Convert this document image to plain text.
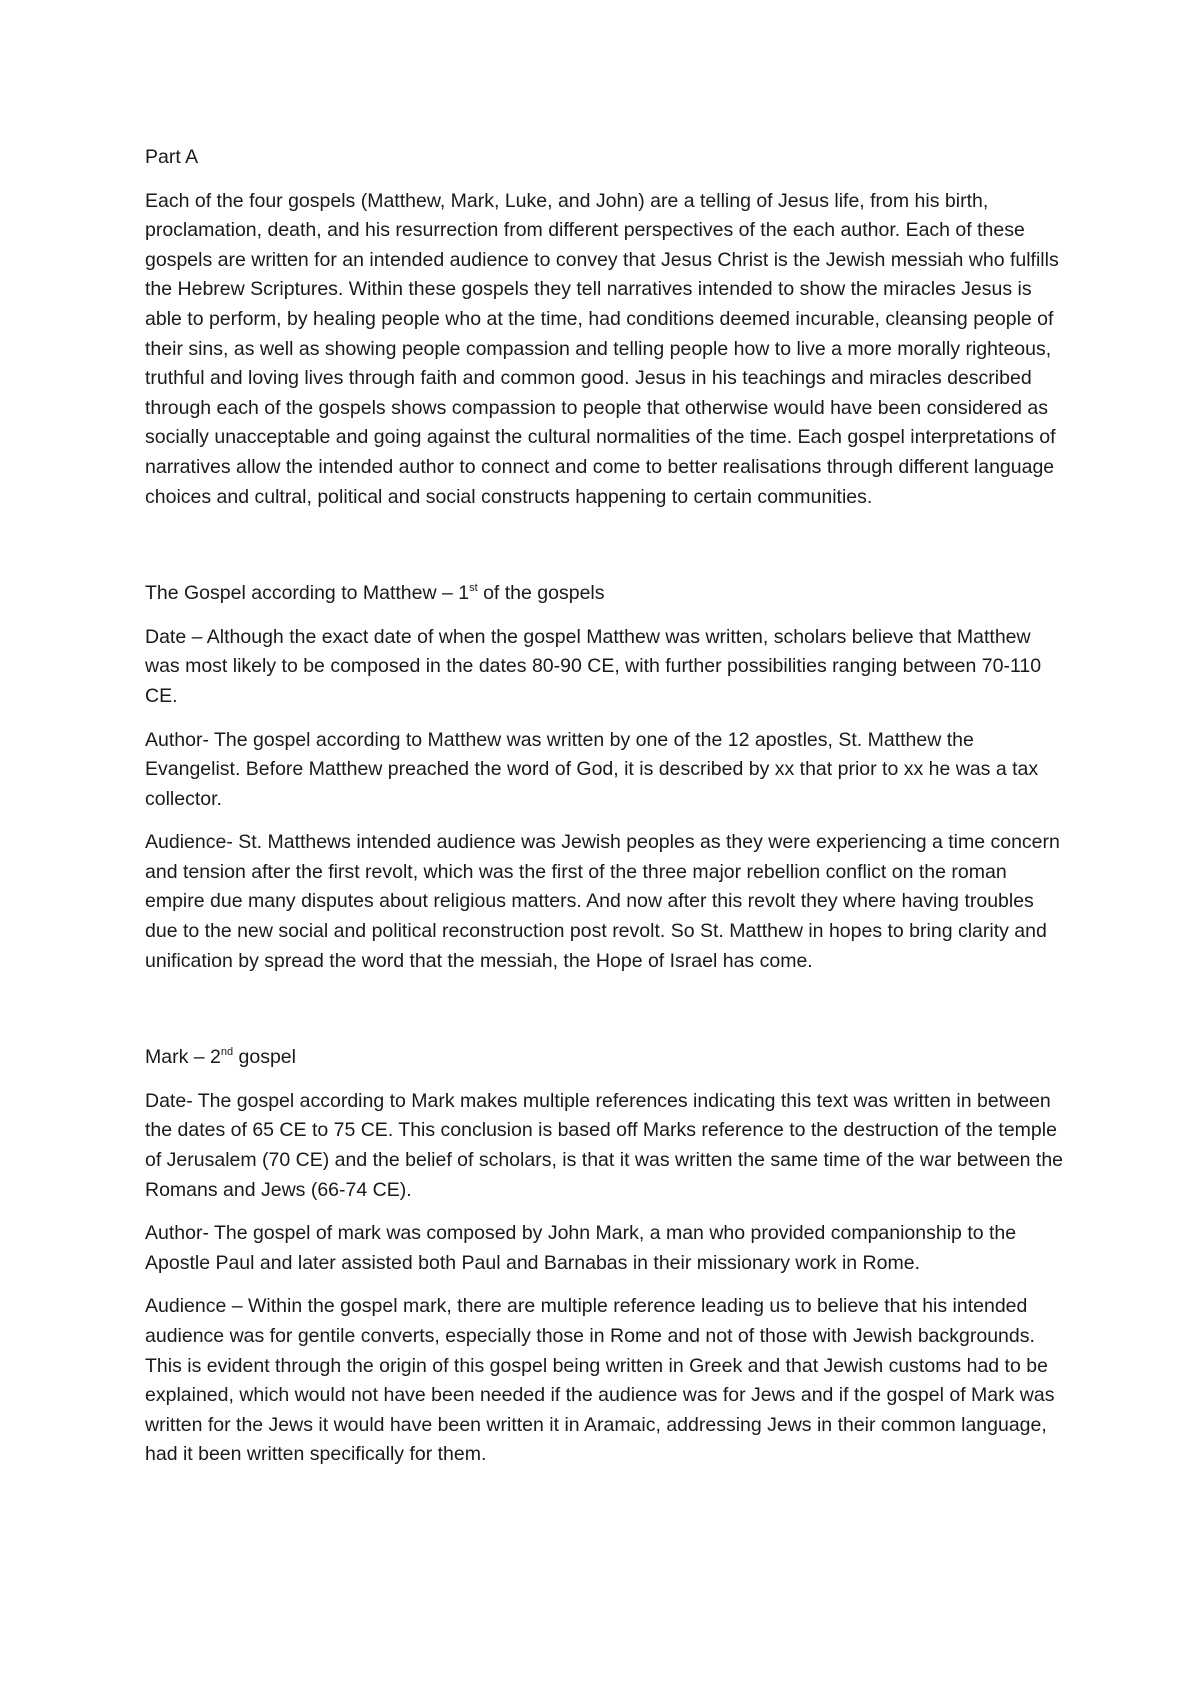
Part A

Each of the four gospels (Matthew, Mark, Luke, and John) are a telling of Jesus life, from his birth, proclamation, death, and his resurrection from different perspectives of the each author. Each of these gospels are written for an intended audience to convey that Jesus Christ is the Jewish messiah who fulfills the Hebrew Scriptures. Within these gospels they tell narratives intended to show the miracles Jesus is able to perform, by healing people who at the time, had conditions deemed incurable, cleansing people of their sins, as well as showing people compassion and telling people how to live a more morally righteous, truthful and loving lives through faith and common good. Jesus in his teachings and miracles described through each of the gospels shows compassion to people that otherwise would have been considered as socially unacceptable and going against the cultural normalities of the time. Each gospel interpretations of narratives allow the intended author to connect and come to better realisations through different language choices and cultral, political and social constructs happening to certain communities.

The Gospel according to Matthew – 1st of the gospels

Date – Although the exact date of when the gospel Matthew was written, scholars believe that Matthew was most likely to be composed in the dates 80-90 CE, with further possibilities ranging between 70-110 CE.

Author- The gospel according to Matthew was written by one of the 12 apostles, St. Matthew the Evangelist. Before Matthew preached the word of God, it is described by xx that prior to xx he was a tax collector.

Audience- St. Matthews intended audience was Jewish peoples as they were experiencing a time concern and tension after the first revolt, which was the first of the three major rebellion conflict on the roman empire due many disputes about religious matters. And now after this revolt they where having troubles due to the new social and political reconstruction post revolt. So St. Matthew in hopes to bring clarity and unification by spread the word that the messiah, the Hope of Israel has come.

Mark – 2nd gospel

Date- The gospel according to Mark makes multiple references indicating this text was written in between the dates of 65 CE to 75 CE. This conclusion is based off Marks reference to the destruction of the temple of Jerusalem (70 CE) and the belief of scholars, is that it was written the same time of the war between the Romans and Jews (66-74 CE).

Author- The gospel of mark was composed by John Mark, a man who provided companionship to the Apostle Paul and later assisted both Paul and Barnabas in their missionary work in Rome.

Audience – Within the gospel mark, there are multiple reference leading us to believe that his intended audience was for gentile converts, especially those in Rome and not of those with Jewish backgrounds. This is evident through the origin of this gospel being written in Greek and that Jewish customs had to be explained, which would not have been needed if the audience was for Jews and if the gospel of Mark was written for the Jews it would have been written it in Aramaic, addressing Jews in their common language, had it been written specifically for them.
